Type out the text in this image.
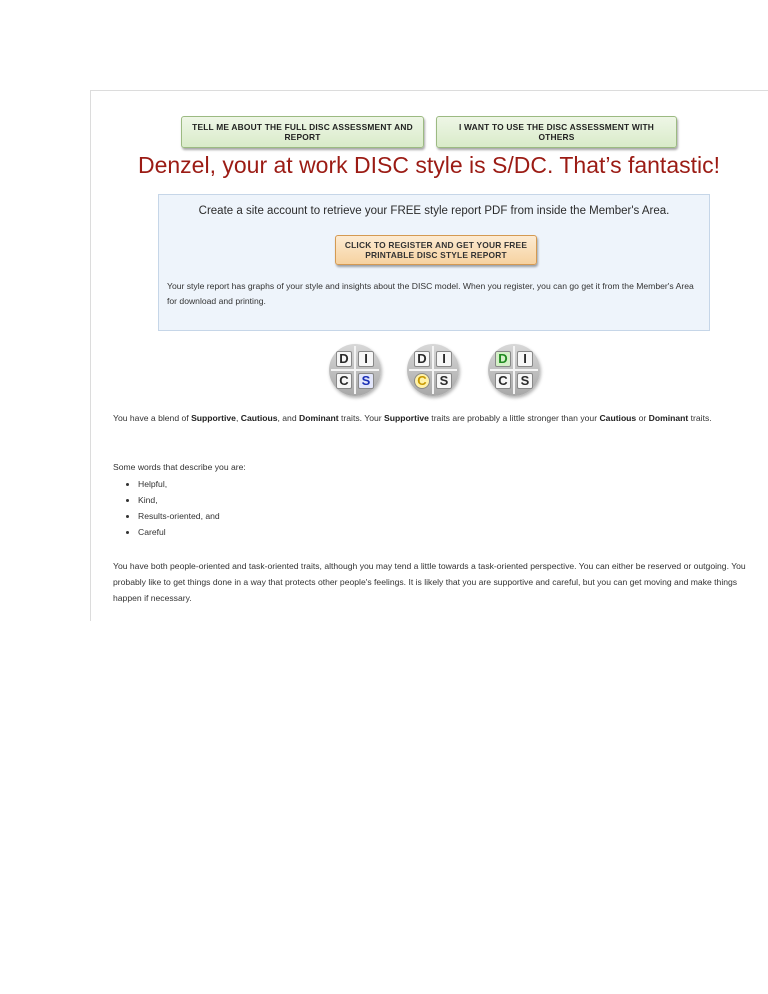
TELL ME ABOUT THE FULL DISC ASSESSMENT AND REPORT
I WANT TO USE THE DISC ASSESSMENT WITH OTHERS
Denzel, your at work DISC style is S/DC. That’s fantastic!
Create a site account to retrieve your FREE style report PDF from inside the Member's Area.
CLICK TO REGISTER AND GET YOUR FREE PRINTABLE DISC STYLE REPORT
Your style report has graphs of your style and insights about the DISC model. When you register, you can go get it from the Member's Area for download and printing.
D	I
C S
D	I
C S
D	I
C S
You have a blend of Supportive, Cautious, and Dominant traits. Your Supportive traits are probably a little stronger than your Cautious or Dominant traits.
Some words that describe you are:
• Helpful,
• Kind,
• Results-oriented, and
• Careful
You have both people-oriented and task-oriented traits, although you may tend a little towards a task-oriented perspective. You can either be reserved or outgoing. You probably like to get things done in a way that protects other people's feelings. It is likely that you are supportive and careful, but you can get moving and make things happen if necessary.
